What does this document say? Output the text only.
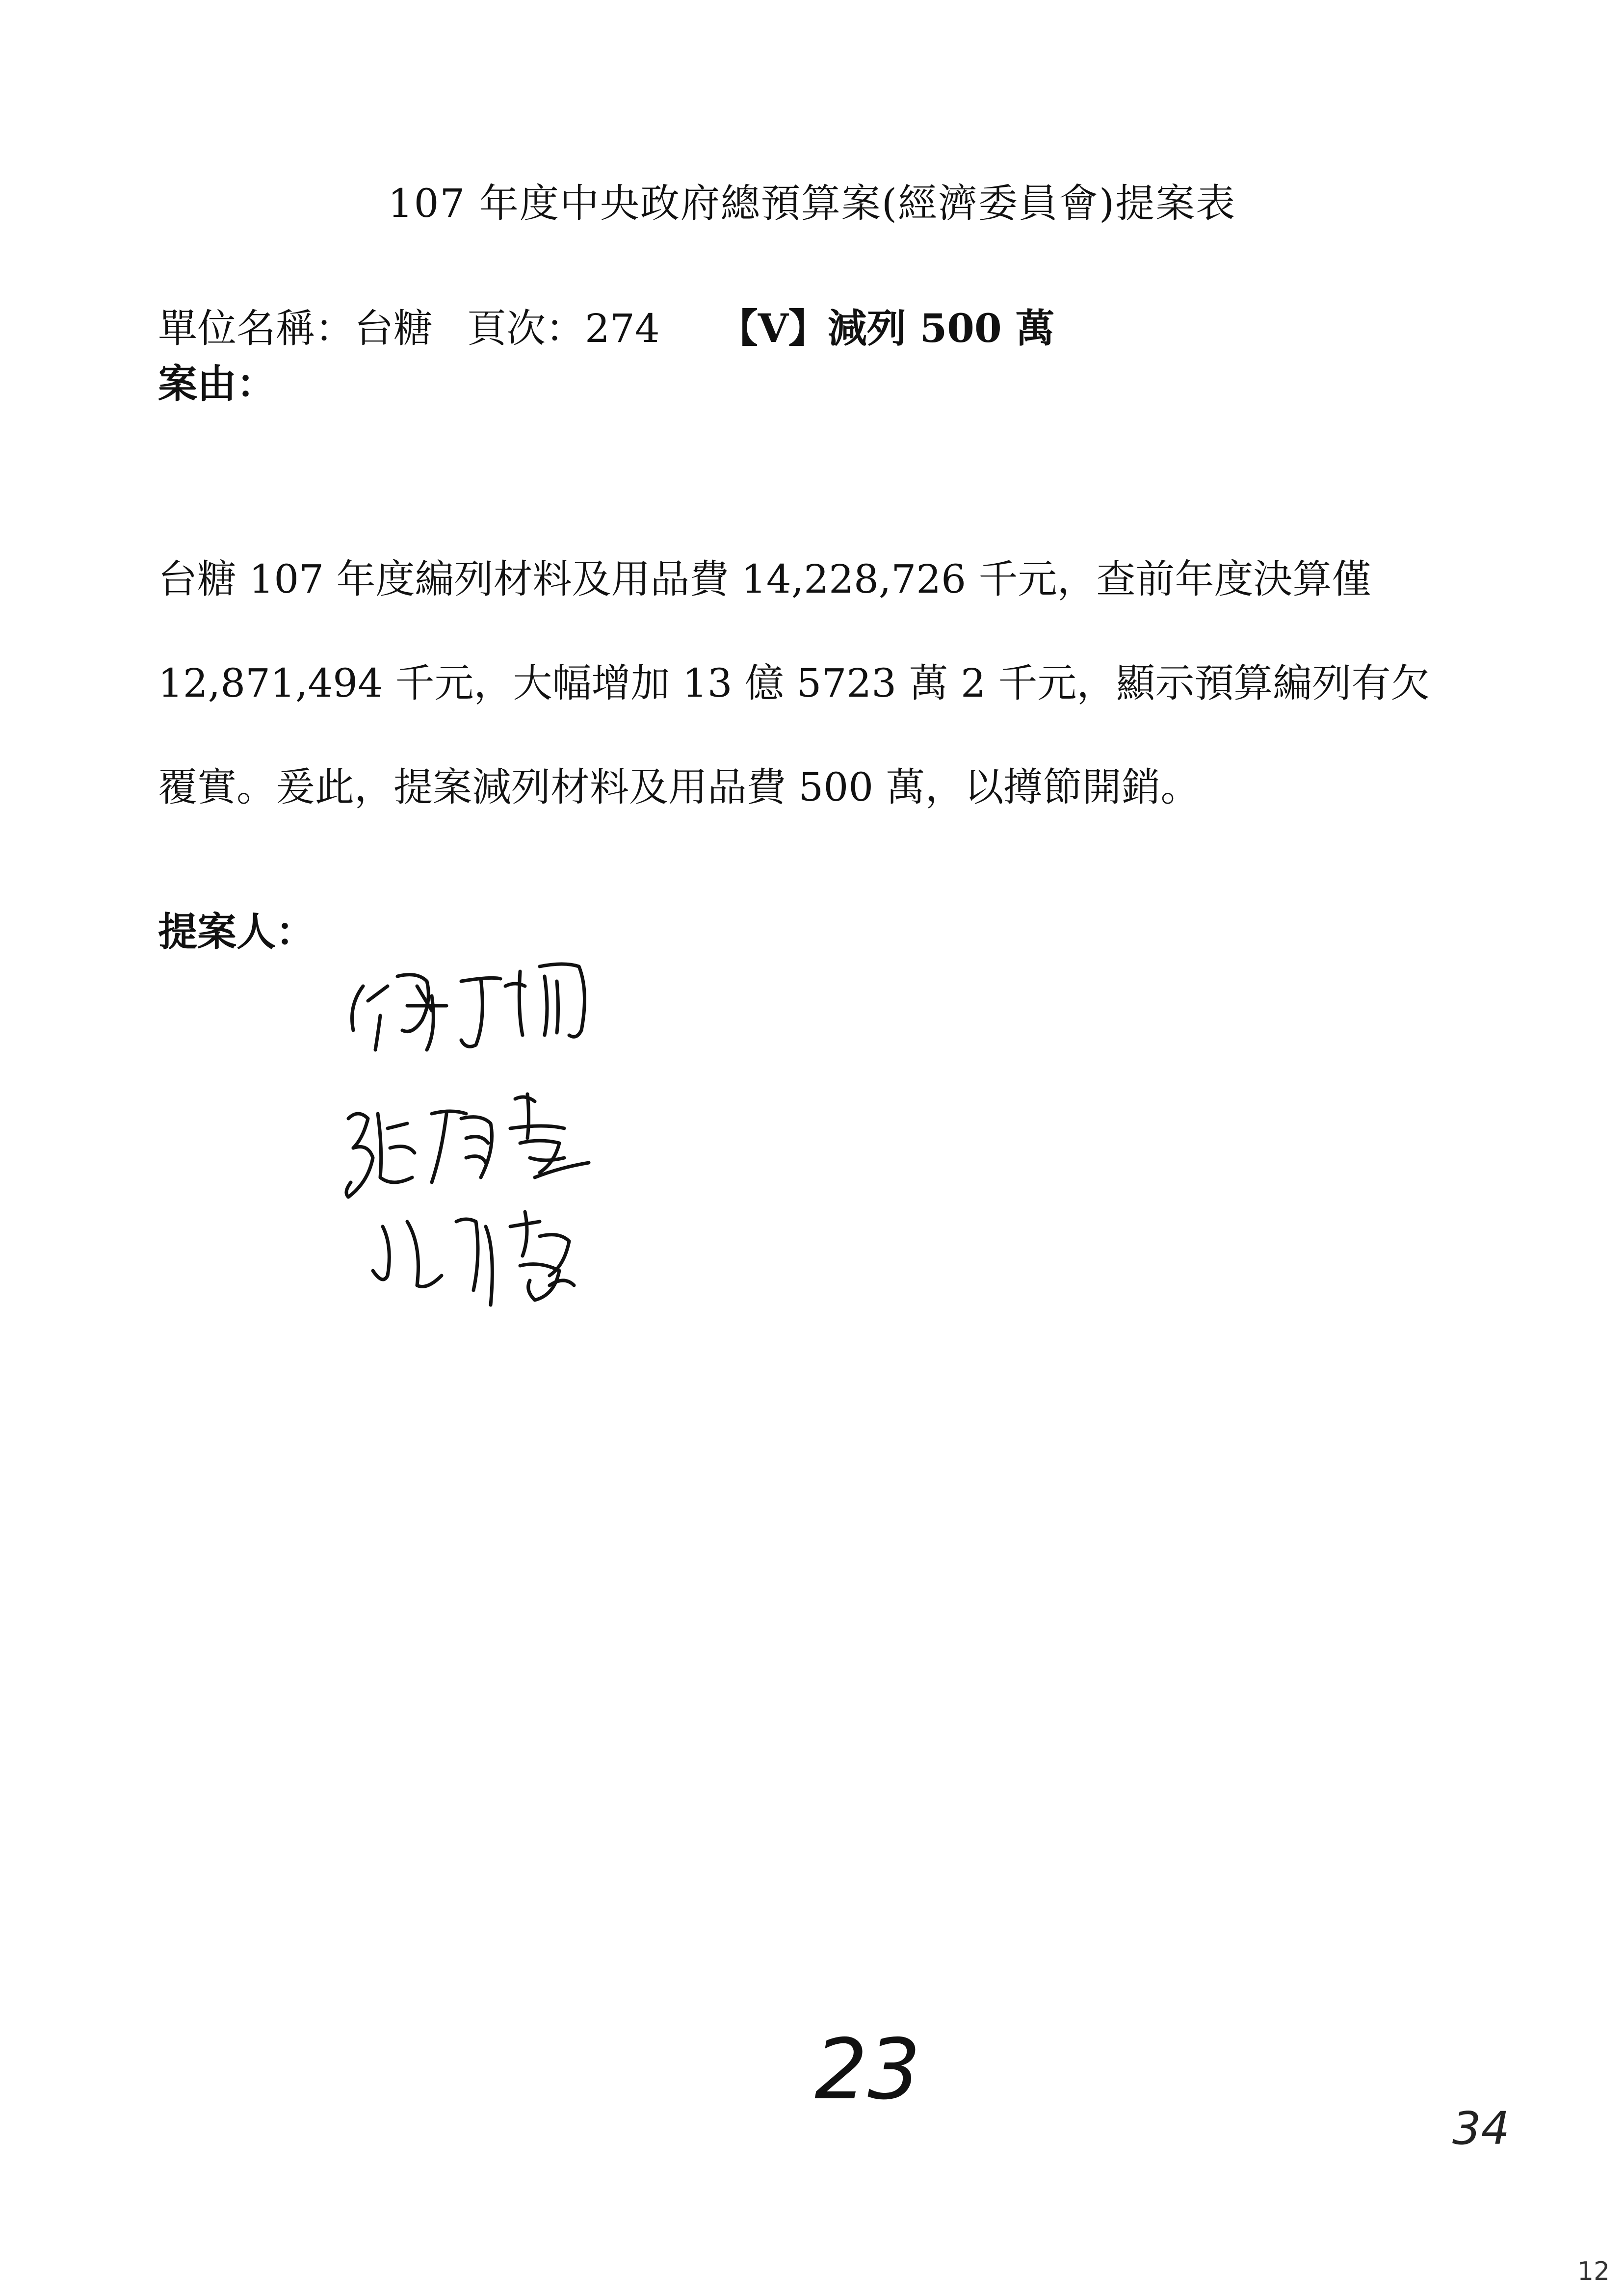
107 年度中央政府總預算案(經濟委員會)提案表
單位名稱：台糖 頁次：274 【V】減列 500 萬
案由：
台糖 107 年度編列材料及用品費 14,228,726 千元，查前年度決算僅
12,871,494 千元，大幅增加 13 億 5723 萬 2 千元，顯示預算編列有欠
覆實。爰此，提案減列材料及用品費 500 萬，以撙節開銷。
提案人：
23
34
12
